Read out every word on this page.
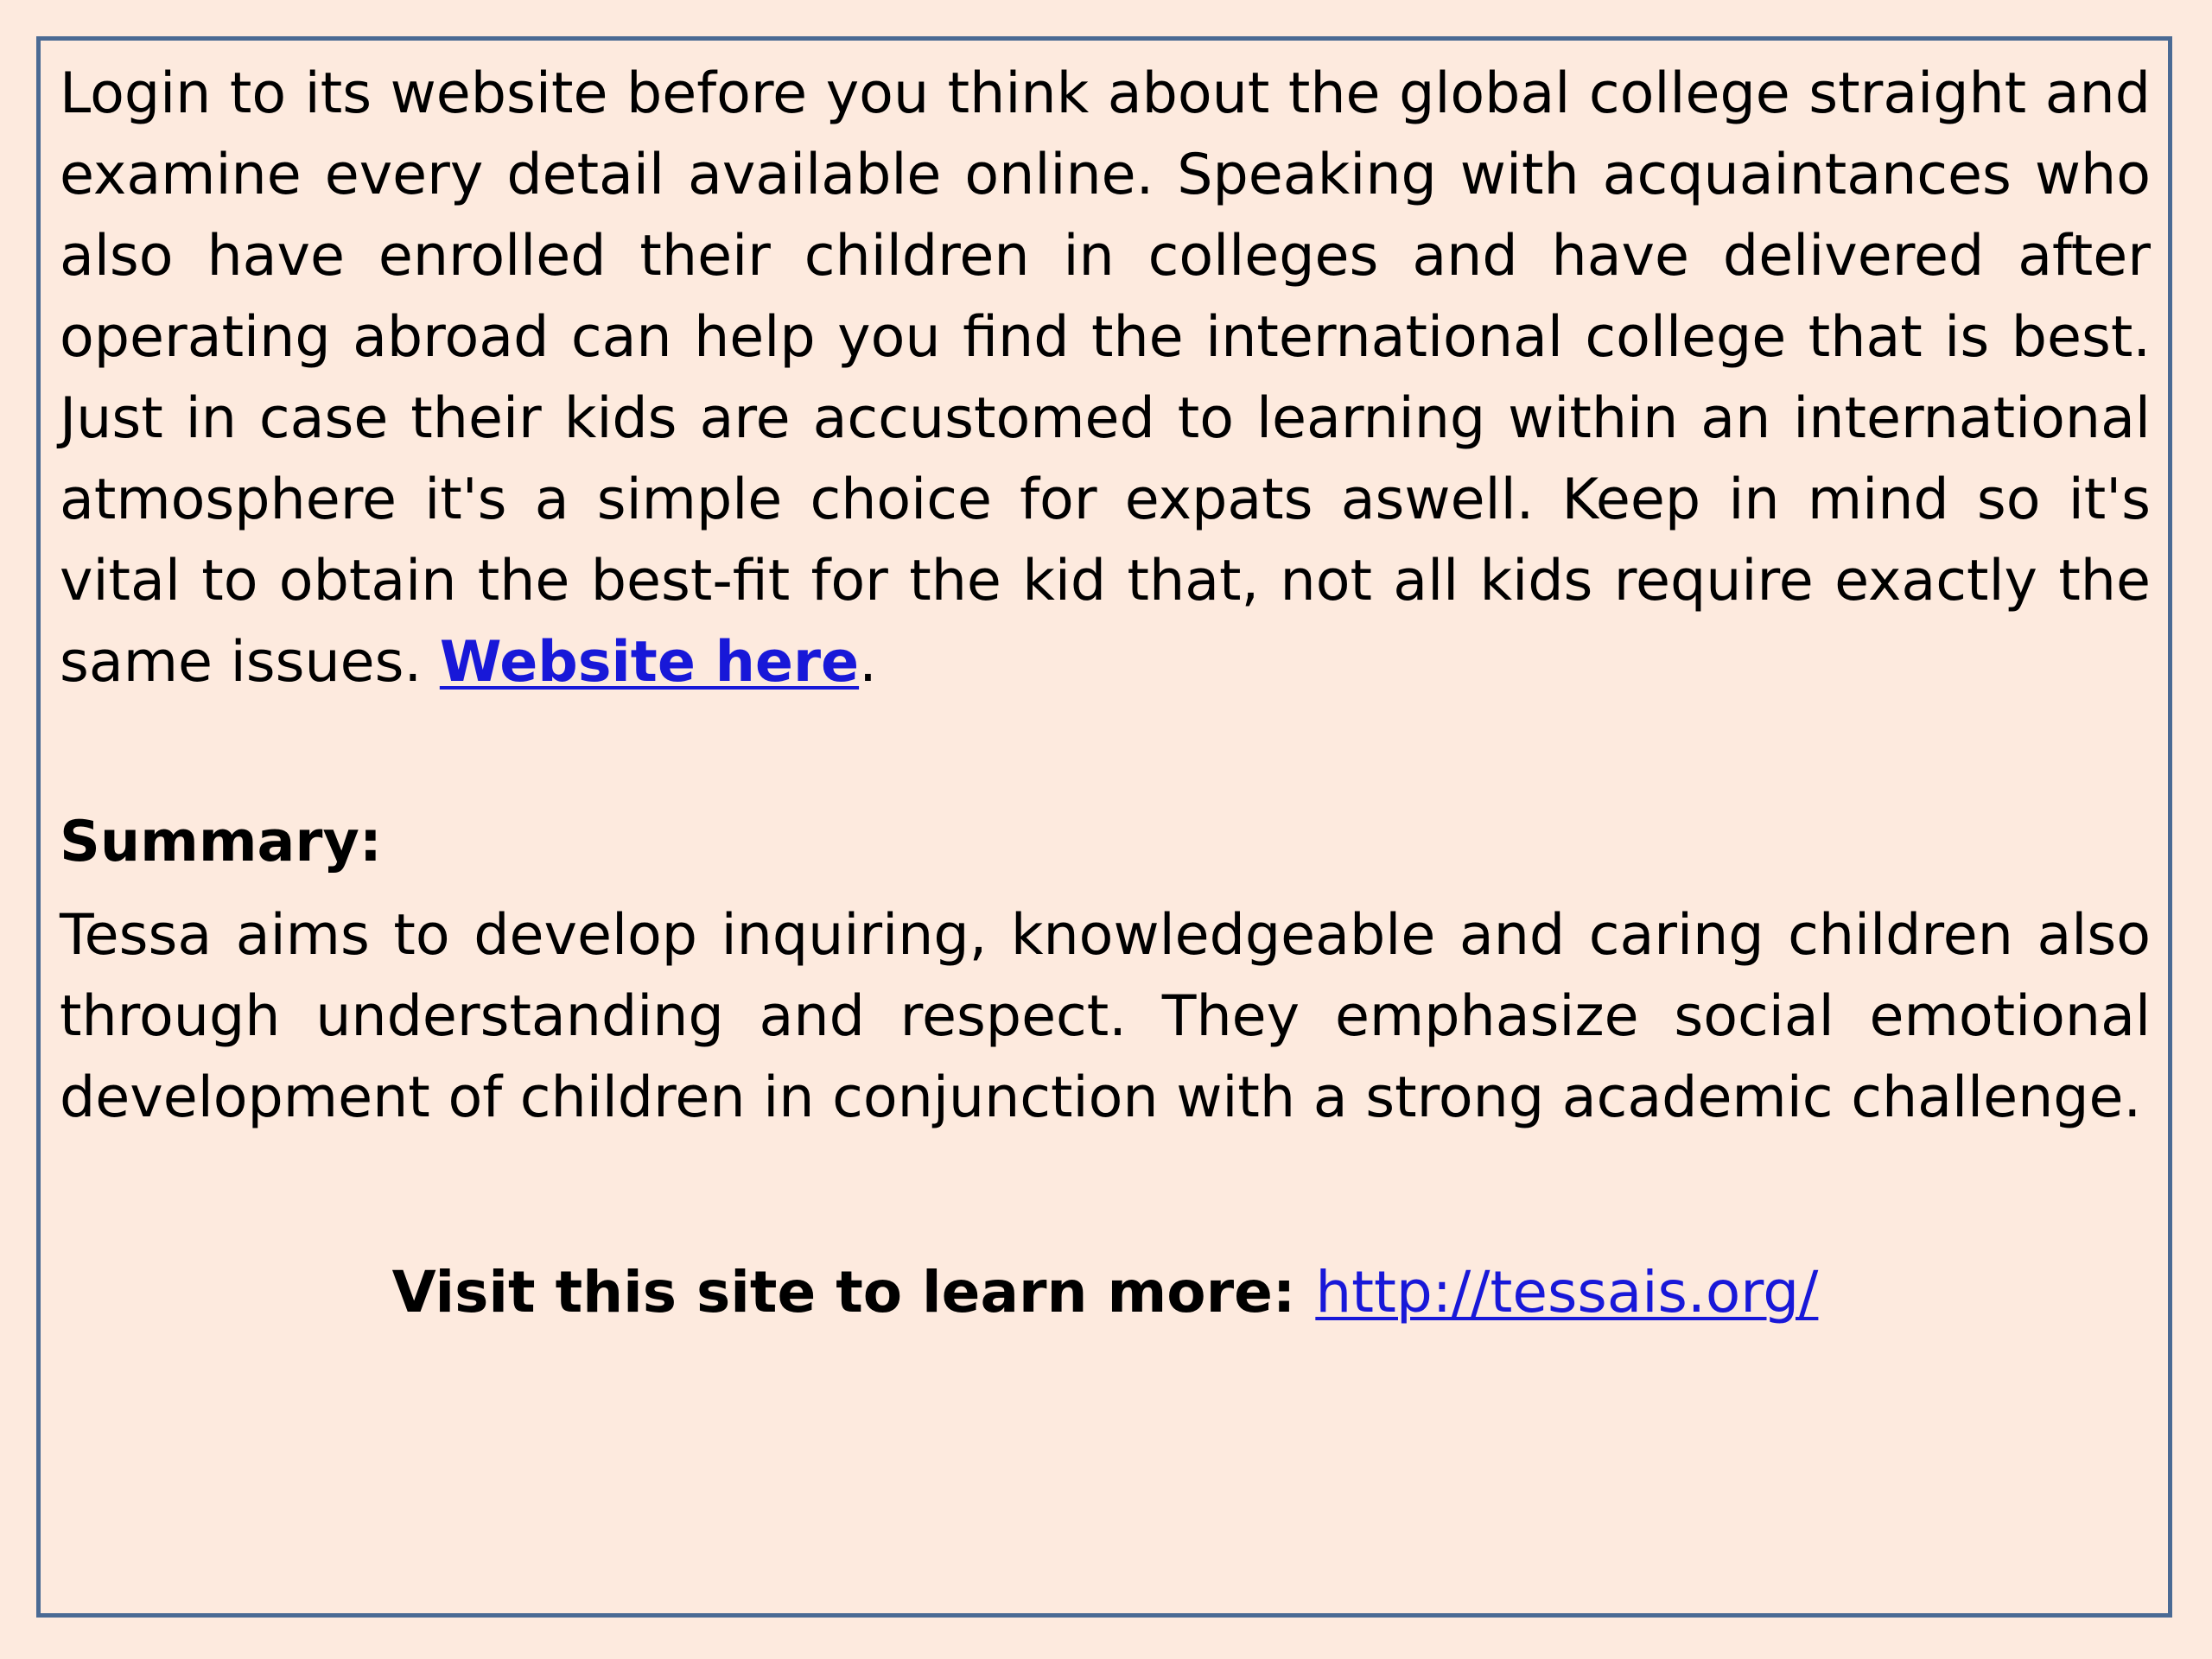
Login to its website before you think about the global college straight and examine every detail available online. Speaking with acquaintances who also have enrolled their children in colleges and have delivered after operating abroad can help you find the international college that is best. Just in case their kids are accustomed to learning within an international atmosphere it's a simple choice for expats aswell. Keep in mind so it's vital to obtain the best-fit for the kid that, not all kids require exactly the same issues. Website here.

Summary:

Tessa aims to develop inquiring, knowledgeable and caring children also through understanding and respect. They emphasize social emotional development of children in conjunction with a strong academic challenge.

Visit this site to learn more: http://tessais.org/
